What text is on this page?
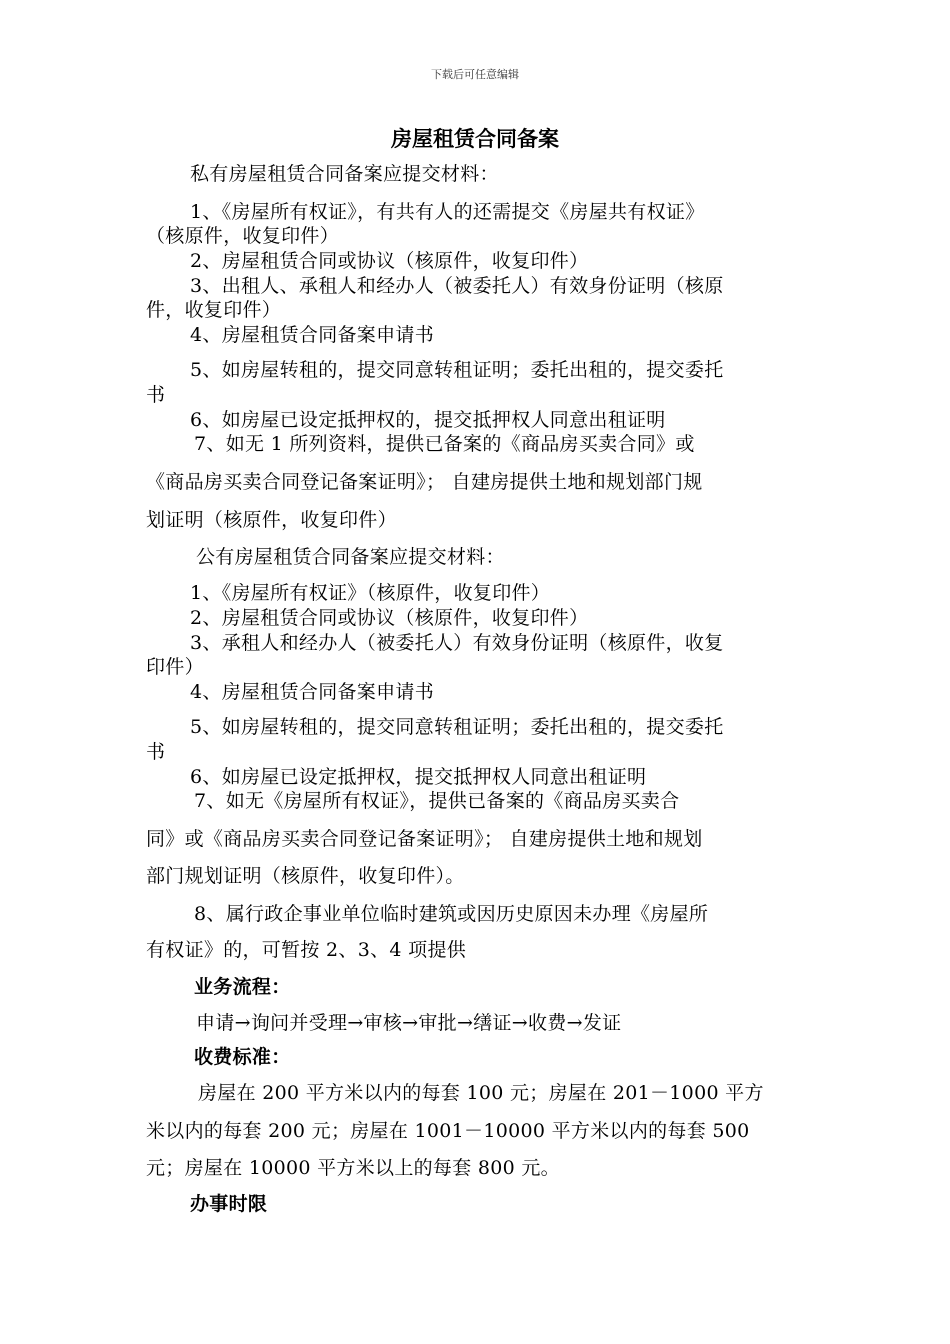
下载后可任意编辑
房屋租赁合同备案
私有房屋租赁合同备案应提交材料：
1、《房屋所有权证》，有共有人的还需提交《房屋共有权证》
（核原件，收复印件）
2、房屋租赁合同或协议（核原件，收复印件）
3、出租人、承租人和经办人（被委托人）有效身份证明（核原
件，收复印件）
4、房屋租赁合同备案申请书
5、如房屋转租的，提交同意转租证明；委托出租的，提交委托
书
6、如房屋已设定抵押权的，提交抵押权人同意出租证明
7、如无 1 所列资料，提供已备案的《商品房买卖合同》或
《商品房买卖合同登记备案证明》； 自建房提供土地和规划部门规
划证明（核原件，收复印件）
公有房屋租赁合同备案应提交材料：
1、《房屋所有权证》（核原件，收复印件）
2、房屋租赁合同或协议（核原件，收复印件）
3、承租人和经办人（被委托人）有效身份证明（核原件，收复
印件）
4、房屋租赁合同备案申请书
5、如房屋转租的，提交同意转租证明；委托出租的，提交委托
书
6、如房屋已设定抵押权，提交抵押权人同意出租证明
7、如无《房屋所有权证》，提供已备案的《商品房买卖合
同》或《商品房买卖合同登记备案证明》； 自建房提供土地和规划
部门规划证明（核原件，收复印件）。
8、属行政企事业单位临时建筑或因历史原因未办理《房屋所
有权证》的，可暂按 2、3、4 项提供
业务流程：
申请→询问并受理→审核→审批→缮证→收费→发证
收费标准：
房屋在 200 平方米以内的每套 100 元；房屋在 201－1000 平方
米以内的每套 200 元；房屋在 1001－10000 平方米以内的每套 500
元；房屋在 10000 平方米以上的每套 800 元。
办事时限
